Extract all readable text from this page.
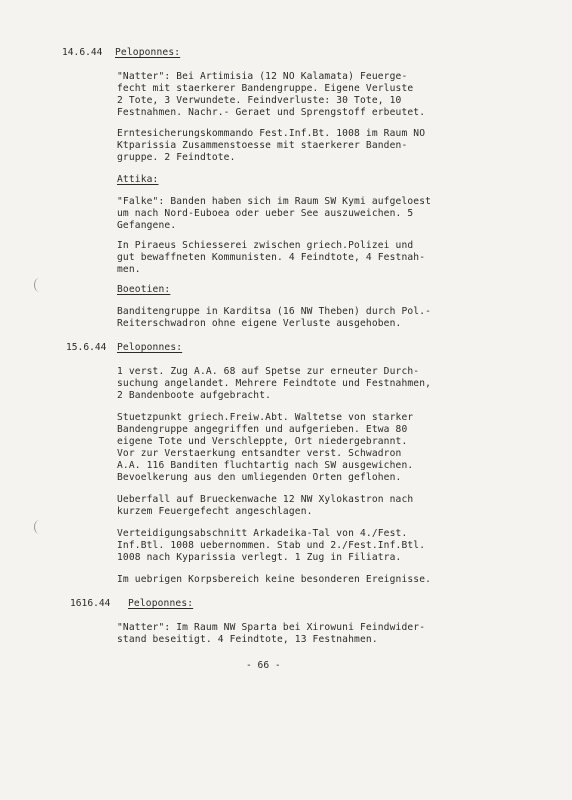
14.6.44 Peloponnes:
"Natter": Bei Artimisia (12 NO Kalamata) Feuerge-
fecht mit staerkerer Bandengruppe. Eigene Verluste
2 Tote, 3 Verwundete. Feindverluste: 30 Tote, 10
Festnahmen. Nachr.- Geraet und Sprengstoff erbeutet.
Erntesicherungskommando Fest.Inf.Bt. 1008 im Raum NO
Ktparissia Zusammenstoesse mit staerkerer Banden-
gruppe. 2 Feindtote.
Attika:
"Falke": Banden haben sich im Raum SW Kymi aufgeloest
um nach Nord-Euboea oder ueber See auszuweichen. 5
Gefangene.
In Piraeus Schiesserei zwischen griech.Polizei und
gut bewaffneten Kommunisten. 4 Feindtote, 4 Festnah-
men.
Boeotien:
Banditengruppe in Karditsa (16 NW Theben) durch Pol.-
Reiterschwadron ohne eigene Verluste ausgehoben.
15.6.44 Peloponnes:
1 verst. Zug A.A. 68 auf Spetse zur erneuter Durch-
suchung angelandet. Mehrere Feindtote und Festnahmen,
2 Bandenboote aufgebracht.
Stuetzpunkt griech.Freiw.Abt. Waltetse von starker
Bandengruppe angegriffen und aufgerieben. Etwa 80
eigene Tote und Verschleppte, Ort niedergebrannt.
Vor zur Verstaerkung entsandter verst. Schwadron
A.A. 116 Banditen fluchtartig nach SW ausgewichen.
Bevoelkerung aus den umliegenden Orten geflohen.
Ueberfall auf Brueckenwache 12 NW Xylokastron nach
kurzem Feuergefecht angeschlagen.
Verteidigungsabschnitt Arkadeika-Tal von 4./Fest.
Inf.Btl. 1008 uebernommen. Stab und 2./Fest.Inf.Btl.
1008 nach Kyparissia verlegt. 1 Zug in Filiatra.
Im uebrigen Korpsbereich keine besonderen Ereignisse.
1616.44 Peloponnes:
"Natter": Im Raum NW Sparta bei Xirowuni Feindwider-
stand beseitigt. 4 Feindtote, 13 Festnahmen.
- 66 -
